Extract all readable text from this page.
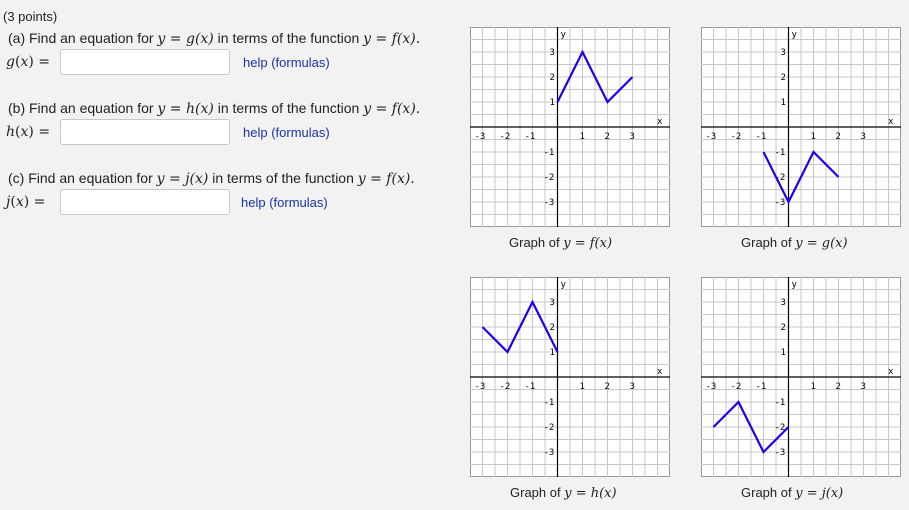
(3 points)
(a) Find an equation for y = g(x) in terms of the function y = f(x).
g(x) =	help (formulas)
(b) Find an equation for y = h(x) in terms of the function y = f(x).
h(x) =	help (formulas)
(c) Find an equation for y = j(x) in terms of the function y = f(x).
j(x) =	help (formulas)
x
y
-3 -2 -1	1 2 3
-3
-2
-1
1
2
3
x
y
-3 -2 -1	1 2 3
-3
-2
-1
1
2
3
x
y
-3 -2 -1	1 2 3
-3
-2
-1
1
2
3
x
y
-3 -2 -1	1 2 3
-3
-2
-1
1
2
3
Graph of y = f(x)	Graph of y = g(x)
Graph of y = h(x)	Graph of y = j(x)
